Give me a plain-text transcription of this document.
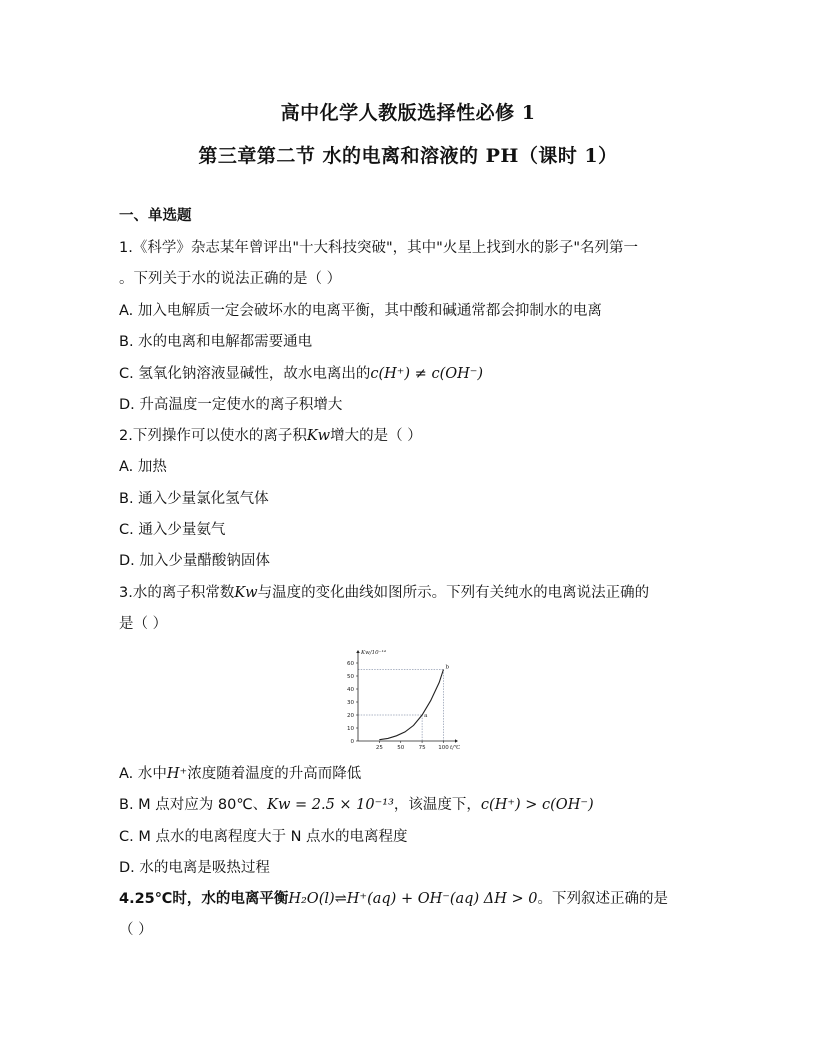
高中化学人教版选择性必修 1
第三章第二节 水的电离和溶液的 PH（课时 1）
一、单选题
1.《科学》杂志某年曾评出"十大科技突破"，其中"火星上找到水的影子"名列第一
。下列关于水的说法正确的是（ ）
A. 加入电解质一定会破坏水的电离平衡，其中酸和碱通常都会抑制水的电离
B. 水的电离和电解都需要通电
C. 氢氧化钠溶液显碱性，故水电离出的c(H⁺) ≠ c(OH⁻)
D. 升高温度一定使水的离子积增大
2.下列操作可以使水的离子积Kw增大的是（ ）
A. 加热
B. 通入少量氯化氢气体
C. 通入少量氨气
D. 加入少量醋酸钠固体
3.水的离子积常数Kw与温度的变化曲线如图所示。下列有关纯水的电离说法正确的
是（ ）
25	50	75 100
0
10
20
30
40
50
60
a
b
Kw/10⁻¹⁴
t/℃
A. 水中H⁺浓度随着温度的升高而降低
B. M 点对应为 80℃、Kw = 2.5 × 10⁻¹³，该温度下，c(H⁺) > c(OH⁻)
C. M 点水的电离程度大于 N 点水的电离程度
D. 水的电离是吸热过程
4.25℃时，水的电离平衡H₂O(l)⇌H⁺(aq) + OH⁻(aq) ΔH > 0。下列叙述正确的是
（ ）
